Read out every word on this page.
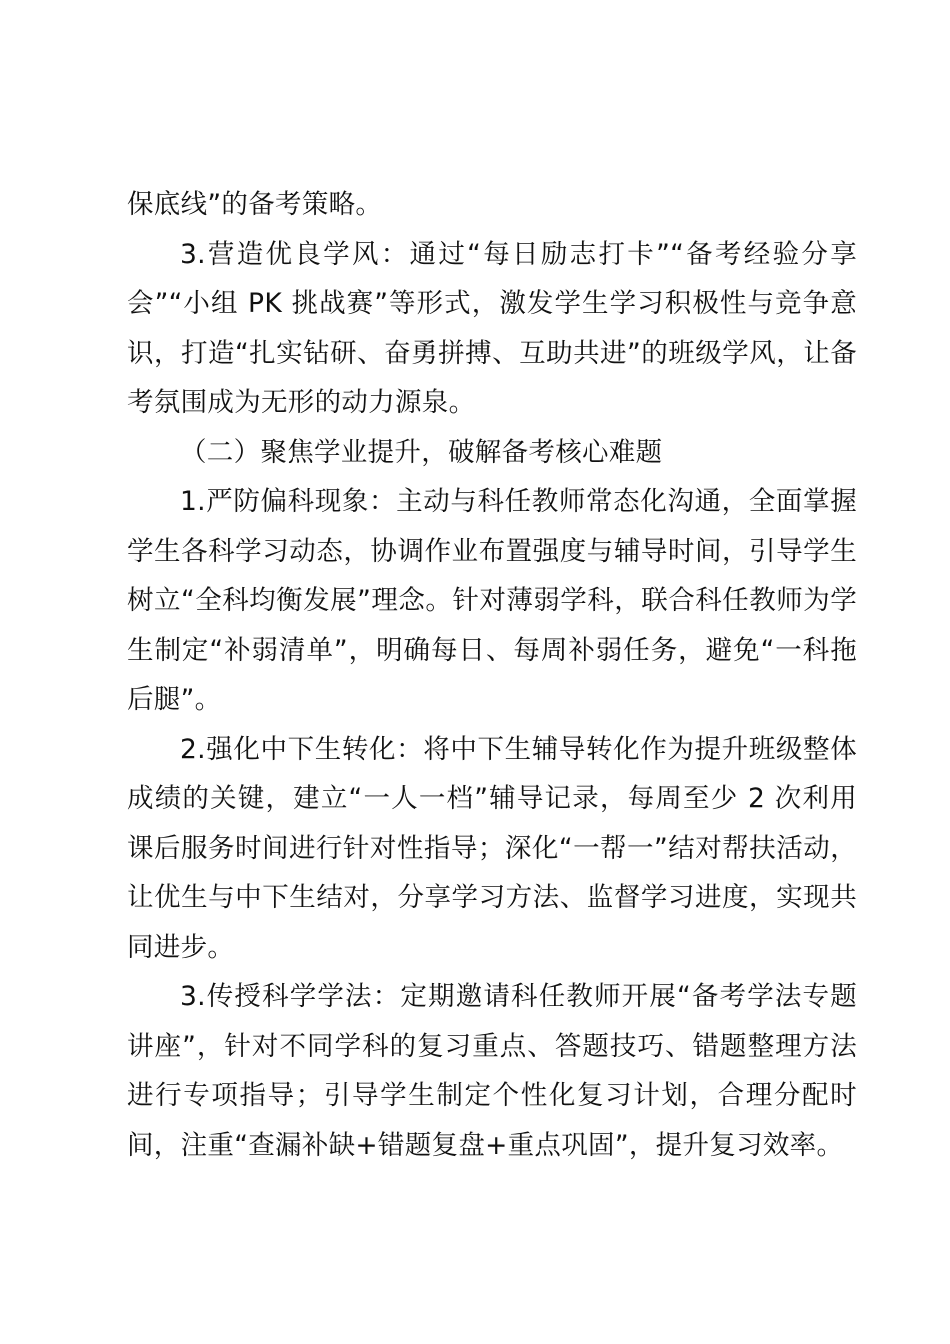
保底线”的备考策略。

3.营造优良学风：通过“每日励志打卡”“备考经验分享会”“小组 PK 挑战赛”等形式，激发学生学习积极性与竞争意识，打造“扎实钻研、奋勇拼搏、互助共进”的班级学风，让备考氛围成为无形的动力源泉。

（二）聚焦学业提升，破解备考核心难题

1.严防偏科现象：主动与科任教师常态化沟通，全面掌握学生各科学习动态，协调作业布置强度与辅导时间，引导学生树立“全科均衡发展”理念。针对薄弱学科，联合科任教师为学生制定“补弱清单”，明确每日、每周补弱任务，避免“一科拖后腿”。

2.强化中下生转化：将中下生辅导转化作为提升班级整体成绩的关键，建立“一人一档”辅导记录，每周至少 2 次利用课后服务时间进行针对性指导；深化“一帮一”结对帮扶活动，让优生与中下生结对，分享学习方法、监督学习进度，实现共同进步。

3.传授科学学法：定期邀请科任教师开展“备考学法专题讲座”，针对不同学科的复习重点、答题技巧、错题整理方法进行专项指导；引导学生制定个性化复习计划，合理分配时间，注重“查漏补缺+错题复盘+重点巩固”，提升复习效率。
